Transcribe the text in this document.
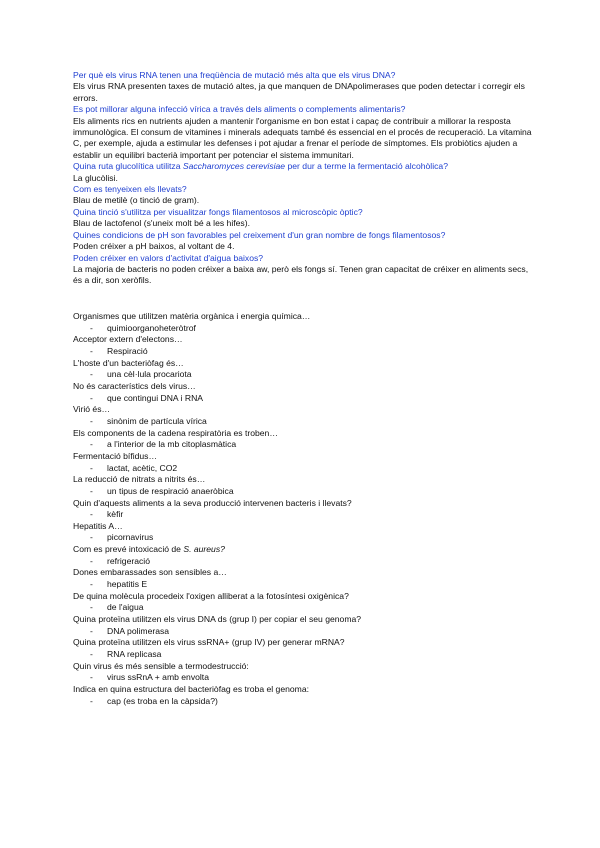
Per què els virus RNA tenen una freqüència de mutació més alta que els virus DNA?

Els virus RNA presenten taxes de mutació altes, ja que manquen de DNApolimerases que poden detectar i corregir els errors.

Es pot millorar alguna infecció vírica a través dels aliments o complements alimentaris?

Els aliments rics en nutrients ajuden a mantenir l'organisme en bon estat i capaç de contribuir a millorar la resposta immunològica. El consum de vitamines i minerals adequats també és essencial en el procés de recuperació. La vitamina C, per exemple, ajuda a estimular les defenses i pot ajudar a frenar el període de símptomes. Els probiòtics ajuden a establir un equilibri bacterià important per potenciar el sistema immunitari.

Quina ruta glucolítica utilitza Saccharomyces cerevisiae per dur a terme la fermentació alcohòlica?

La glucòlisi.

Com es tenyeixen els llevats?

Blau de metilè (o tinció de gram).

Quina tinció s'utilitza per visualitzar fongs filamentosos al microscòpic òptic?

Blau de lactofenol (s'uneix molt bé a les hifes).

Quines condicions de pH son favorables pel creixement d'un gran nombre de fongs filamentosos?

Poden créixer a pH baixos, al voltant de 4.

Poden créixer en valors d'activitat d'aigua baixos?

La majoria de bacteris no poden créixer a baixa aw, però els fongs sí. Tenen gran capacitat de créixer en aliments secs, és a dir, son xeròfils.

Organismes que utilitzen matèria orgànica i energia química…

- quimioorganoheteròtrof

Acceptor extern d'electons…

- Respiració

L'hoste d'un bacteriòfag és…

- una cèl·lula procariota

No és característics dels virus…

- que contingui DNA i RNA

Virió és…

- sinònim de partícula vírica

Els components de la cadena respiratòria es troben…

- a l'interior de la mb citoplasmàtica

Fermentació bífidus…

- lactat, acètic, CO2

La reducció de nitrats a nitrits és…

- un tipus de respiració anaeròbica

Quin d'aquests aliments a la seva producció intervenen bacteris i llevats?

- kèfir

Hepatitis A…

- picornavirus

Com es prevé intoxicació de S. aureus?

- refrigeració

Dones embarassades son sensibles a…

- hepatitis E

De quina molècula procedeix l'oxigen alliberat a la fotosíntesi oxigènica?

- de l'aigua

Quina proteïna utilitzen els virus DNA ds (grup I) per copiar el seu genoma?

- DNA polimerasa

Quina proteïna utilitzen els virus ssRNA+ (grup IV) per generar mRNA?

- RNA replicasa

Quin virus és més sensible a termodestrucció:

- virus ssRnA + amb envolta

Indica en quina estructura del bacteriòfag es troba el genoma:

- cap (es troba en la càpsida?)
